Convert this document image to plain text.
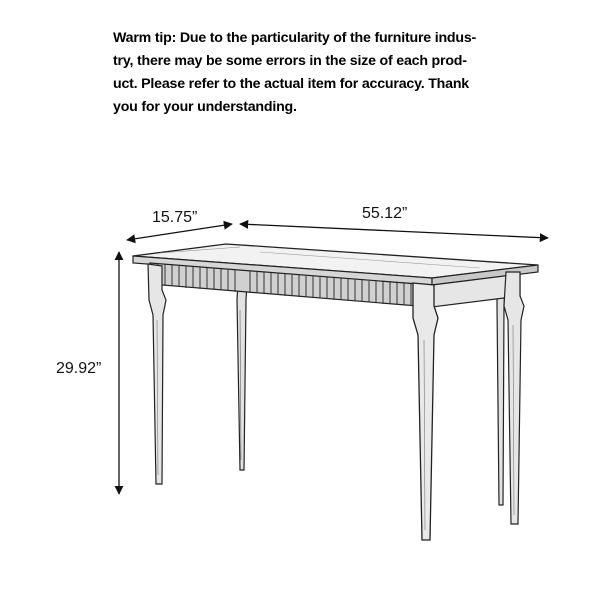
Warm tip: Due to the particularity of the furniture indus-
try, there may be some errors in the size of each prod-
uct. Please refer to the actual item for accuracy. Thank
you for your understanding.
15.75”	55.12”
29.92”
